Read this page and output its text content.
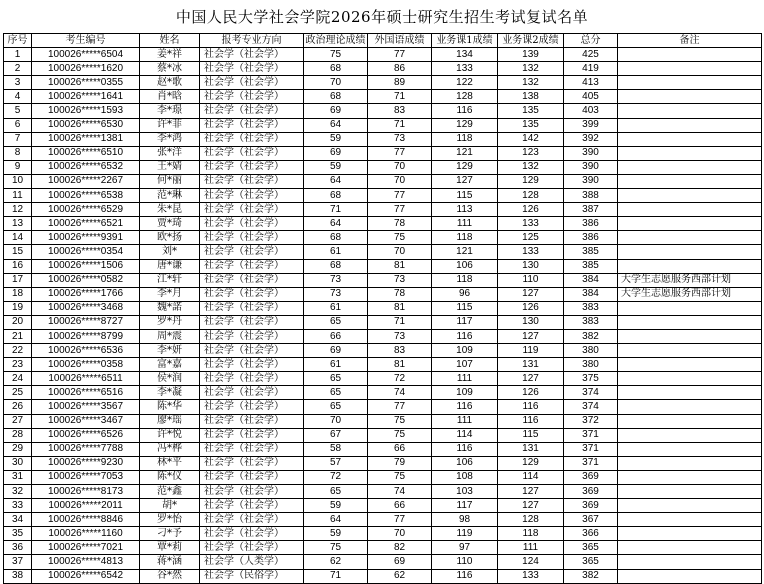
中国人民大学社会学院2026年硕士研究生招生考试复试名单
序号	考生编号	姓名	报考专业方向	政治理论成绩	外国语成绩	业务课1成绩	业务课2成绩	总分	备注
1	100026*****6504	姜*祥	社会学（社会学）	75	77	134	139	425	
2	100026*****1620	蔡*冰	社会学（社会学）	68	86	133	132	419	
3	100026*****0355	赵*歌	社会学（社会学）	70	89	122	132	413	
4	100026*****1641	肖*晗	社会学（社会学）	68	71	128	138	405	
5	100026*****1593	李*璟	社会学（社会学）	69	83	116	135	403	
6	100026*****6530	许*菲	社会学（社会学）	64	71	129	135	399	
7	100026*****1381	李*鸿	社会学（社会学）	59	73	118	142	392	
8	100026*****6510	张*洋	社会学（社会学）	69	77	121	123	390	
9	100026*****6532	王*婧	社会学（社会学）	59	70	129	132	390	
10	100026*****2267	何*丽	社会学（社会学）	64	70	127	129	390	
11	100026*****6538	范*琳	社会学（社会学）	68	77	115	128	388	
12	100026*****6529	朱*昆	社会学（社会学）	71	77	113	126	387	
13	100026*****6521	贾*琦	社会学（社会学）	64	78	111	133	386	
14	100026*****9391	欧*扬	社会学（社会学）	68	75	118	125	386	
15	100026*****0354	刘*	社会学（社会学）	61	70	121	133	385	
16	100026*****1506	唐*谦	社会学（社会学）	68	81	106	130	385	
17	100026*****0582	江*轩	社会学（社会学）	73	73	118	110	384	大学生志愿服务西部计划
18	100026*****1766	李*月	社会学（社会学）	73	78	96	127	384	大学生志愿服务西部计划
19	100026*****3468	魏*諾	社会学（社会学）	61	81	115	126	383	
20	100026*****8727	罗*丹	社会学（社会学）	65	71	117	130	383	
21	100026*****8799	周*震	社会学（社会学）	66	73	116	127	382	
22	100026*****6536	李*妍	社会学（社会学）	69	83	109	119	380	
23	100026*****0358	富*嘉	社会学（社会学）	61	81	107	131	380	
24	100026*****6511	侯*润	社会学（社会学）	65	72	111	127	375	
25	100026*****6516	李*凝	社会学（社会学）	65	74	109	126	374	
26	100026*****3567	陈*华	社会学（社会学）	65	77	116	116	374	
27	100026*****3467	廖*瑶	社会学（社会学）	70	75	111	116	372	
28	100026*****6526	许*悦	社会学（社会学）	67	75	114	115	371	
29	100026*****7788	冯*桦	社会学（社会学）	58	66	116	131	371	
30	100026*****9230	林*平	社会学（社会学）	57	79	106	129	371	
31	100026*****7053	陈*仪	社会学（社会学）	72	75	108	114	369	
32	100026*****8173	范*鑫	社会学（社会学）	65	74	103	127	369	
33	100026*****2011	胡*	社会学（社会学）	59	66	117	127	369	
34	100026*****8846	罗*怡	社会学（社会学）	64	77	98	128	367	
35	100026*****1160	刁*予	社会学（社会学）	59	70	119	118	366	
36	100026*****7021	覃*莉	社会学（社会学）	75	82	97	111	365	
37	100026*****4813	蒋*涵	社会学（人类学）	62	69	110	124	365	
38	100026*****6542	谷*然	社会学（民俗学）	71	62	116	133	382	
